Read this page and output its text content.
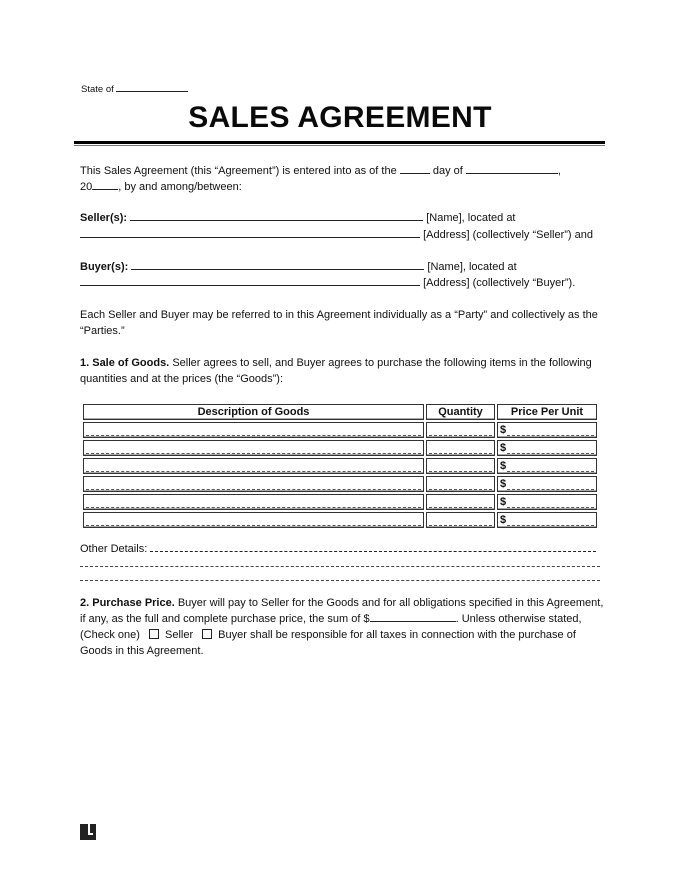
State of
SALES AGREEMENT
This Sales Agreement (this “Agreement”) is entered into as of the	day of	,
20 , by and among/between:
Seller(s):	[Name], located at
[Address] (collectively “Seller”) and
Buyer(s):	[Name], located at
[Address] (collectively “Buyer”).
Each Seller and Buyer may be referred to in this Agreement individually as a “Party” and collectively as the “Parties.”
1. Sale of Goods. Seller agrees to sell, and Buyer agrees to purchase the following items in the following quantities and at the prices (the “Goods”):
Description of Goods	Quantity	Price Per Unit

		$

		$

		$

		$

		$

		$
Other Details:
2. Purchase Price. Buyer will pay to Seller for the Goods and for all obligations specified in this Agreement, if any, as the full and complete purchase price, the sum of $	. Unless otherwise stated, (Check one) Seller Buyer shall be responsible for all taxes in connection with the purchase of Goods in this Agreement.
